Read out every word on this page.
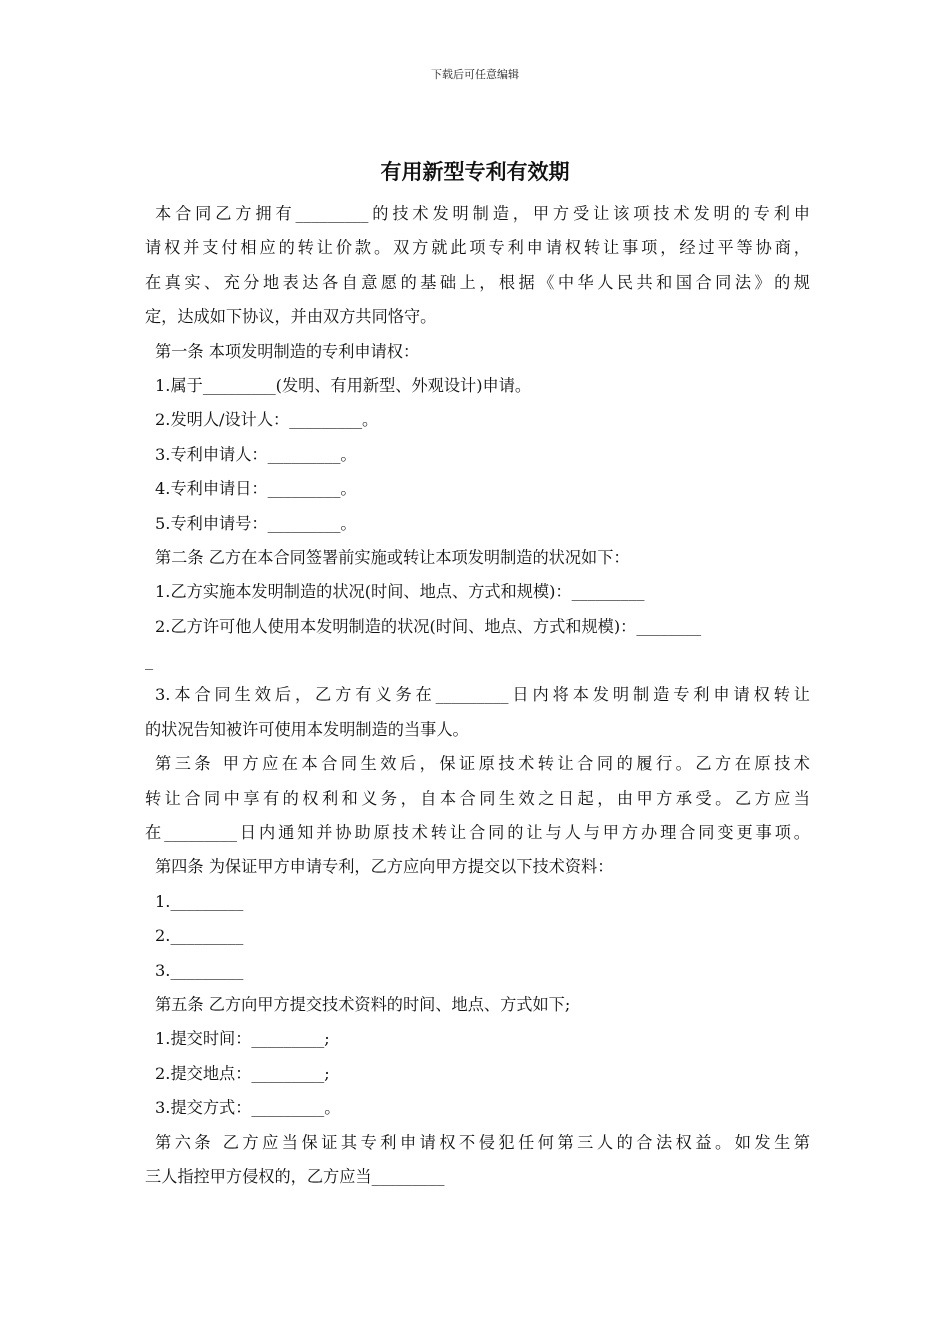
下载后可任意编辑
有用新型专利有效期
本合同乙方拥有_________的技术发明制造，甲方受让该项技术发明的专利申
请权并支付相应的转让价款。双方就此项专利申请权转让事项，经过平等协商，
在真实、充分地表达各自意愿的基础上，根据《中华人民共和国合同法》的规
定，达成如下协议，并由双方共同恪守。
第一条 本项发明制造的专利申请权：
1.属于_________(发明、有用新型、外观设计)申请。
2.发明人/设计人：_________。
3.专利申请人：_________。
4.专利申请日：_________。
5.专利申请号：_________。
第二条 乙方在本合同签署前实施或转让本项发明制造的状况如下：
1.乙方实施本发明制造的状况(时间、地点、方式和规模)：_________
2.乙方许可他人使用本发明制造的状况(时间、地点、方式和规模)：________
_
3.本合同生效后，乙方有义务在_________日内将本发明制造专利申请权转让
的状况告知被许可使用本发明制造的当事人。
第三条 甲方应在本合同生效后，保证原技术转让合同的履行。乙方在原技术
转让合同中享有的权利和义务，自本合同生效之日起，由甲方承受。乙方应当
在_________日内通知并协助原技术转让合同的让与人与甲方办理合同变更事项。
第四条 为保证甲方申请专利，乙方应向甲方提交以下技术资料：
1._________
2._________
3._________
第五条 乙方向甲方提交技术资料的时间、地点、方式如下;
1.提交时间：_________;
2.提交地点：_________;
3.提交方式：_________。
第六条 乙方应当保证其专利申请权不侵犯任何第三人的合法权益。如发生第
三人指控甲方侵权的，乙方应当_________
